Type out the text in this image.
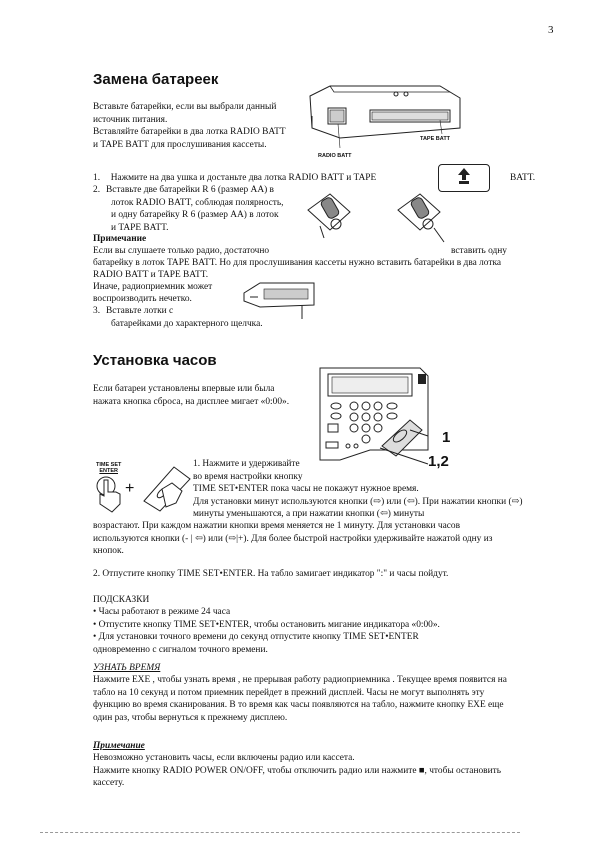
3
Замена батареек
Вставьте батарейки, если вы выбрали данный
источник питания.
Вставляйте батарейки в два лотка RADIO BATT
и TAPE BATT для прослушивания кассеты.
RADIO BATT
TAPE BATT
1. Нажмите на два ушка и достаньте два лотка RADIO BATT и TAPE	BATT.
2. Вставьте две батарейки R 6 (размер AA) в
лоток RADIO BATT, соблюдая полярность,
и одну батарейку R 6 (размер AA) в лоток
и TAPE BATT.
Примечание
Если вы слушаете только радио, достаточно	вставить одну
батарейку в лоток TAPE BATT. Но для прослушивания кассеты нужно вставить батарейки в два лотка
RADIO BATT и TAPE BATT.
Иначе, радиоприемник может
воспроизводить нечетко.
3. Вставьте лотки с
батарейками до характерного щелчка.
Установка часов
Если батареи установлены впервые или была
нажата кнопка сброса, на дисплее мигает «0:00».
1
1,2
TIME SET
ENTER
+
1. Нажмите и удерживайте
во время настройки кнопку
TIME SET•ENTER пока часы не покажут нужное время.
Для установки минут используются кнопки (⇨) или (⇦). При нажатии кнопки (⇨)
минуты уменьшаются, а при нажатии кнопки (⇦) минуты
возрастают. При каждом нажатии кнопки время меняется не 1 минуту. Для установки часов
используются кнопки (- | ⇦) или (⇨|+). Для более быстрой настройки удерживайте нажатой одну из
кнопок.
2. Отпустите кнопку TIME SET•ENTER. На табло замигает индикатор ":" и часы пойдут.
ПОДСКАЗКИ
• Часы работают в режиме 24 часа
• Отпустите кнопку TIME SET•ENTER, чтобы остановить мигание индикатора «0:00».
• Для установки точного времени до секунд отпустите кнопку TIME SET•ENTER
одновременно с сигналом точного времени.
УЗНАТЬ ВРЕМЯ
Нажмите EXE , чтобы узнать время , не прерывая работу радиоприемника . Текущее время появится на
табло на 10 секунд и потом приемник перейдет в прежний дисплей. Часы не могут выполнять эту
функцию во время сканирования. В то время как часы появляются на табло, нажмите кнопку EXE еще
один раз, чтобы вернуться к прежнему дисплею.
Примечание
Невозможно установить часы, если включены радио или кассета.
Нажмите кнопку RADIO POWER ON/OFF, чтобы отключить радио или нажмите ■, чтобы остановить
кассету.
